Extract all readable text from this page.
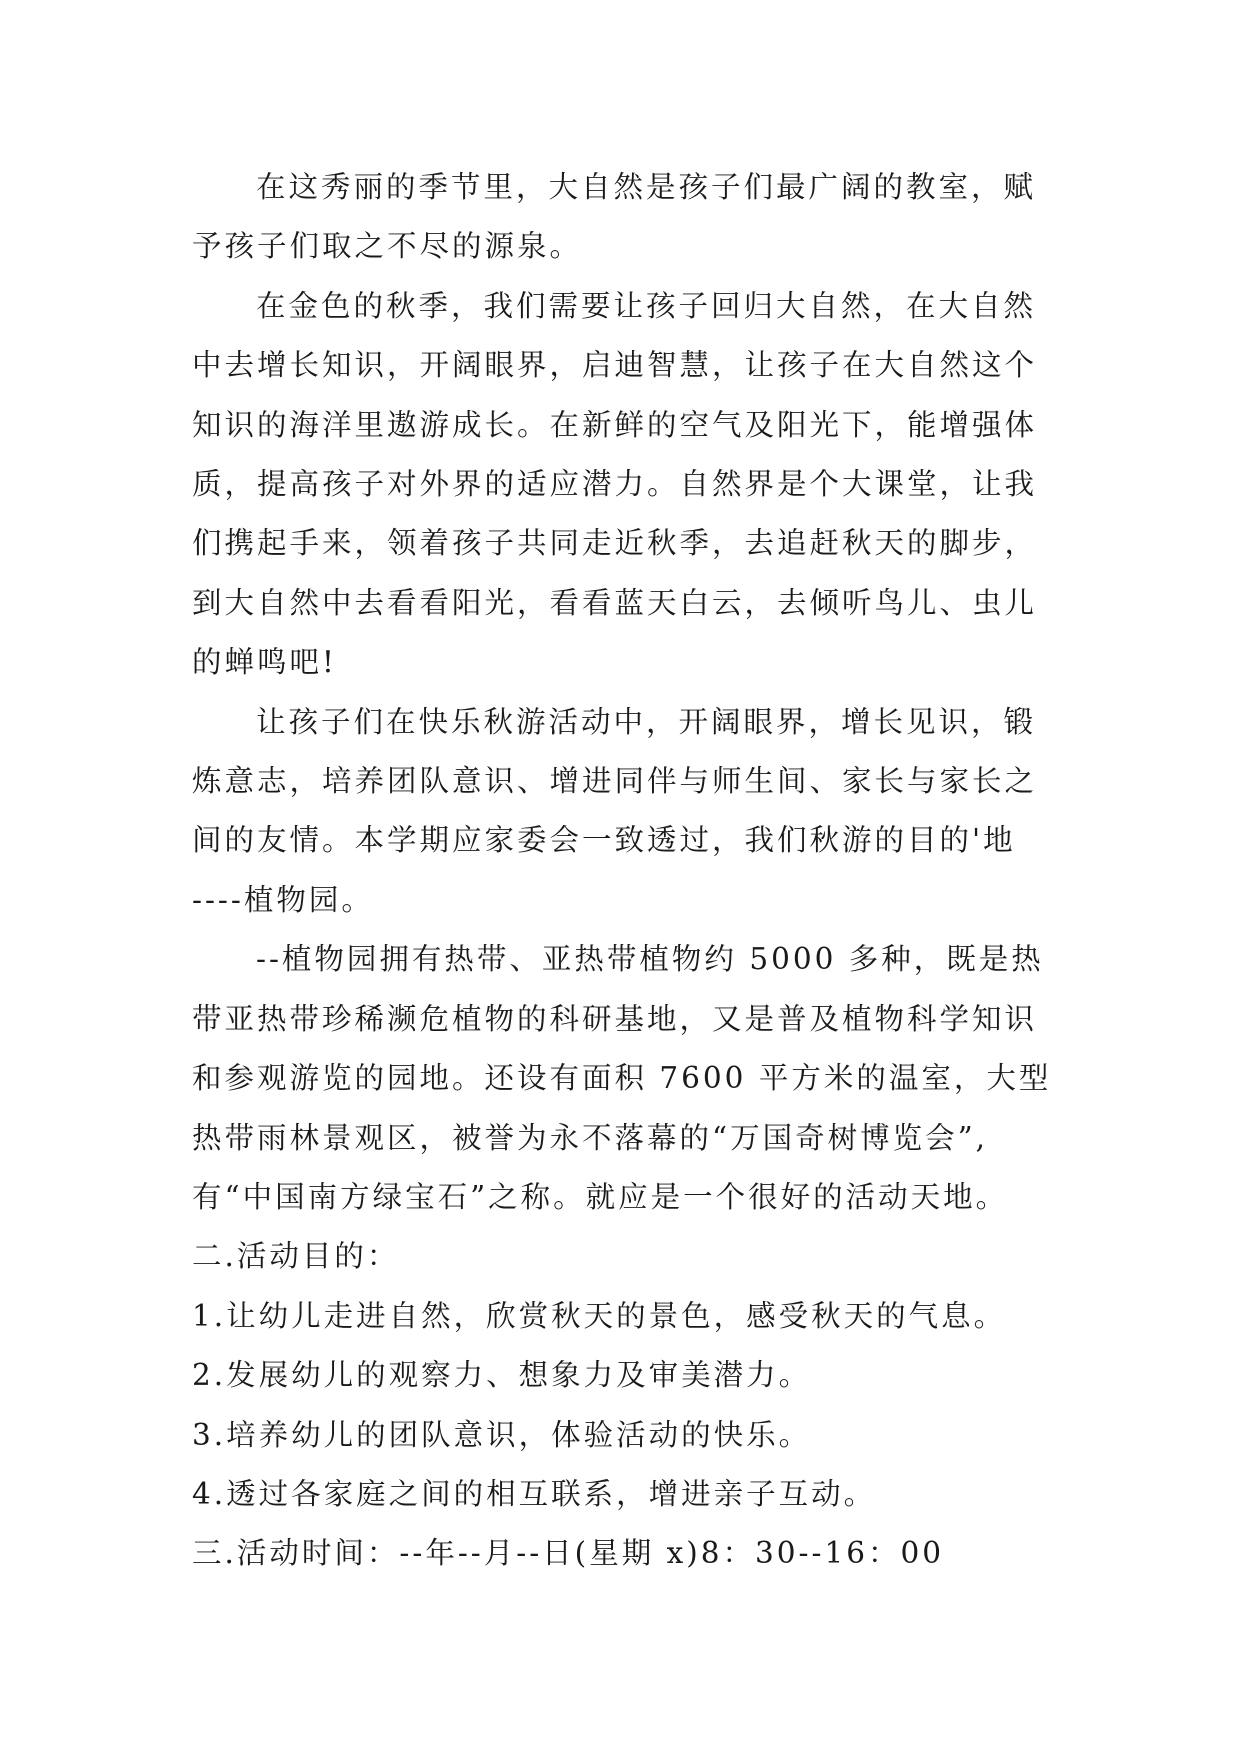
在这秀丽的季节里，大自然是孩子们最广阔的教室，赋
予孩子们取之不尽的源泉。

在金色的秋季，我们需要让孩子回归大自然，在大自然
中去增长知识，开阔眼界，启迪智慧，让孩子在大自然这个
知识的海洋里遨游成长。在新鲜的空气及阳光下，能增强体
质，提高孩子对外界的适应潜力。自然界是个大课堂，让我
们携起手来，领着孩子共同走近秋季，去追赶秋天的脚步，
到大自然中去看看阳光，看看蓝天白云，去倾听鸟儿、虫儿
的蝉鸣吧!

让孩子们在快乐秋游活动中，开阔眼界，增长见识，锻
炼意志，培养团队意识、增进同伴与师生间、家长与家长之
间的友情。本学期应家委会一致透过，我们秋游的目的'地
----植物园。

--植物园拥有热带、亚热带植物约 5000 多种，既是热
带亚热带珍稀濒危植物的科研基地，又是普及植物科学知识
和参观游览的园地。还设有面积 7600 平方米的温室，大型
热带雨林景观区，被誉为永不落幕的“万国奇树博览会”,
有“中国南方绿宝石”之称。就应是一个很好的活动天地。

二.活动目的：

1.让幼儿走进自然，欣赏秋天的景色，感受秋天的气息。

2.发展幼儿的观察力、想象力及审美潜力。

3.培养幼儿的团队意识，体验活动的快乐。

4.透过各家庭之间的相互联系，增进亲子互动。

三.活动时间：--年--月--日(星期 x)8：30--16：00
